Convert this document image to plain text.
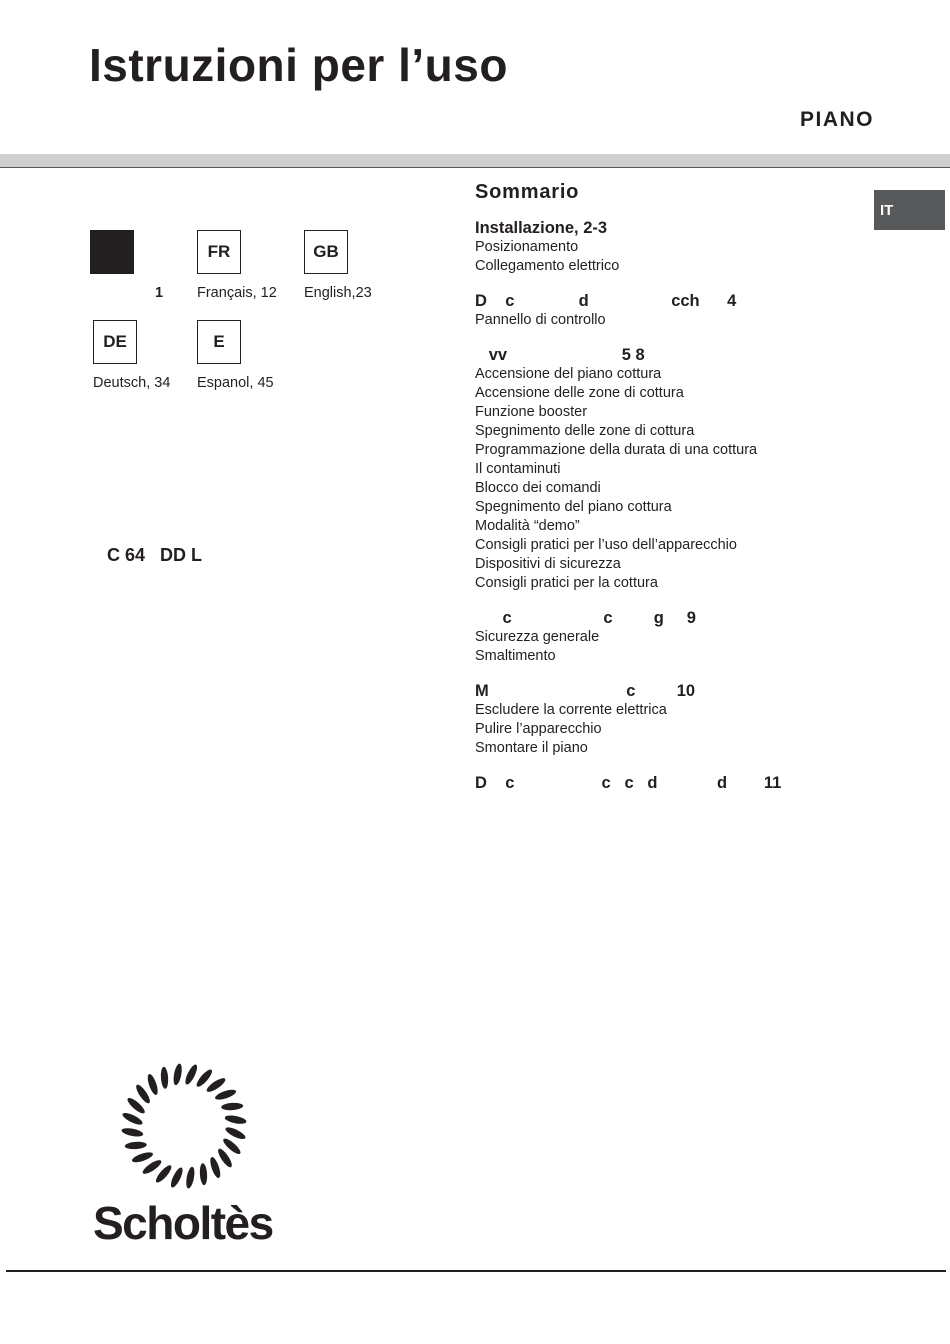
Istruzioni per l’uso
PIANO
1
FR
Français, 12
GB
English,23
DE
Deutsch, 34
E
Espanol, 45
C 64   DD L
Sommario
Installazione, 2-3
Posizionamento
Collegamento elettrico
D    c              d                  cch      4
Pannello di controllo
vv                         5 8
Accensione del piano cottura
Accensione delle zone di cottura
Funzione booster
Spegnimento delle zone di cottura
Programmazione della durata di una cottura
Il contaminuti
Blocco dei comandi
Spegnimento del piano cottura
Modalità “demo”
Consigli pratici per l’uso dell’apparecchio
Dispositivi di sicurezza
Consigli pratici per la cottura
c                    c         g     9
Sicurezza generale
Smaltimento
M                              c         10
Escludere la corrente elettrica
Pulire l’apparecchio
Smontare il piano
D    c                   c   c   d             d        11
IT
Scholtès
